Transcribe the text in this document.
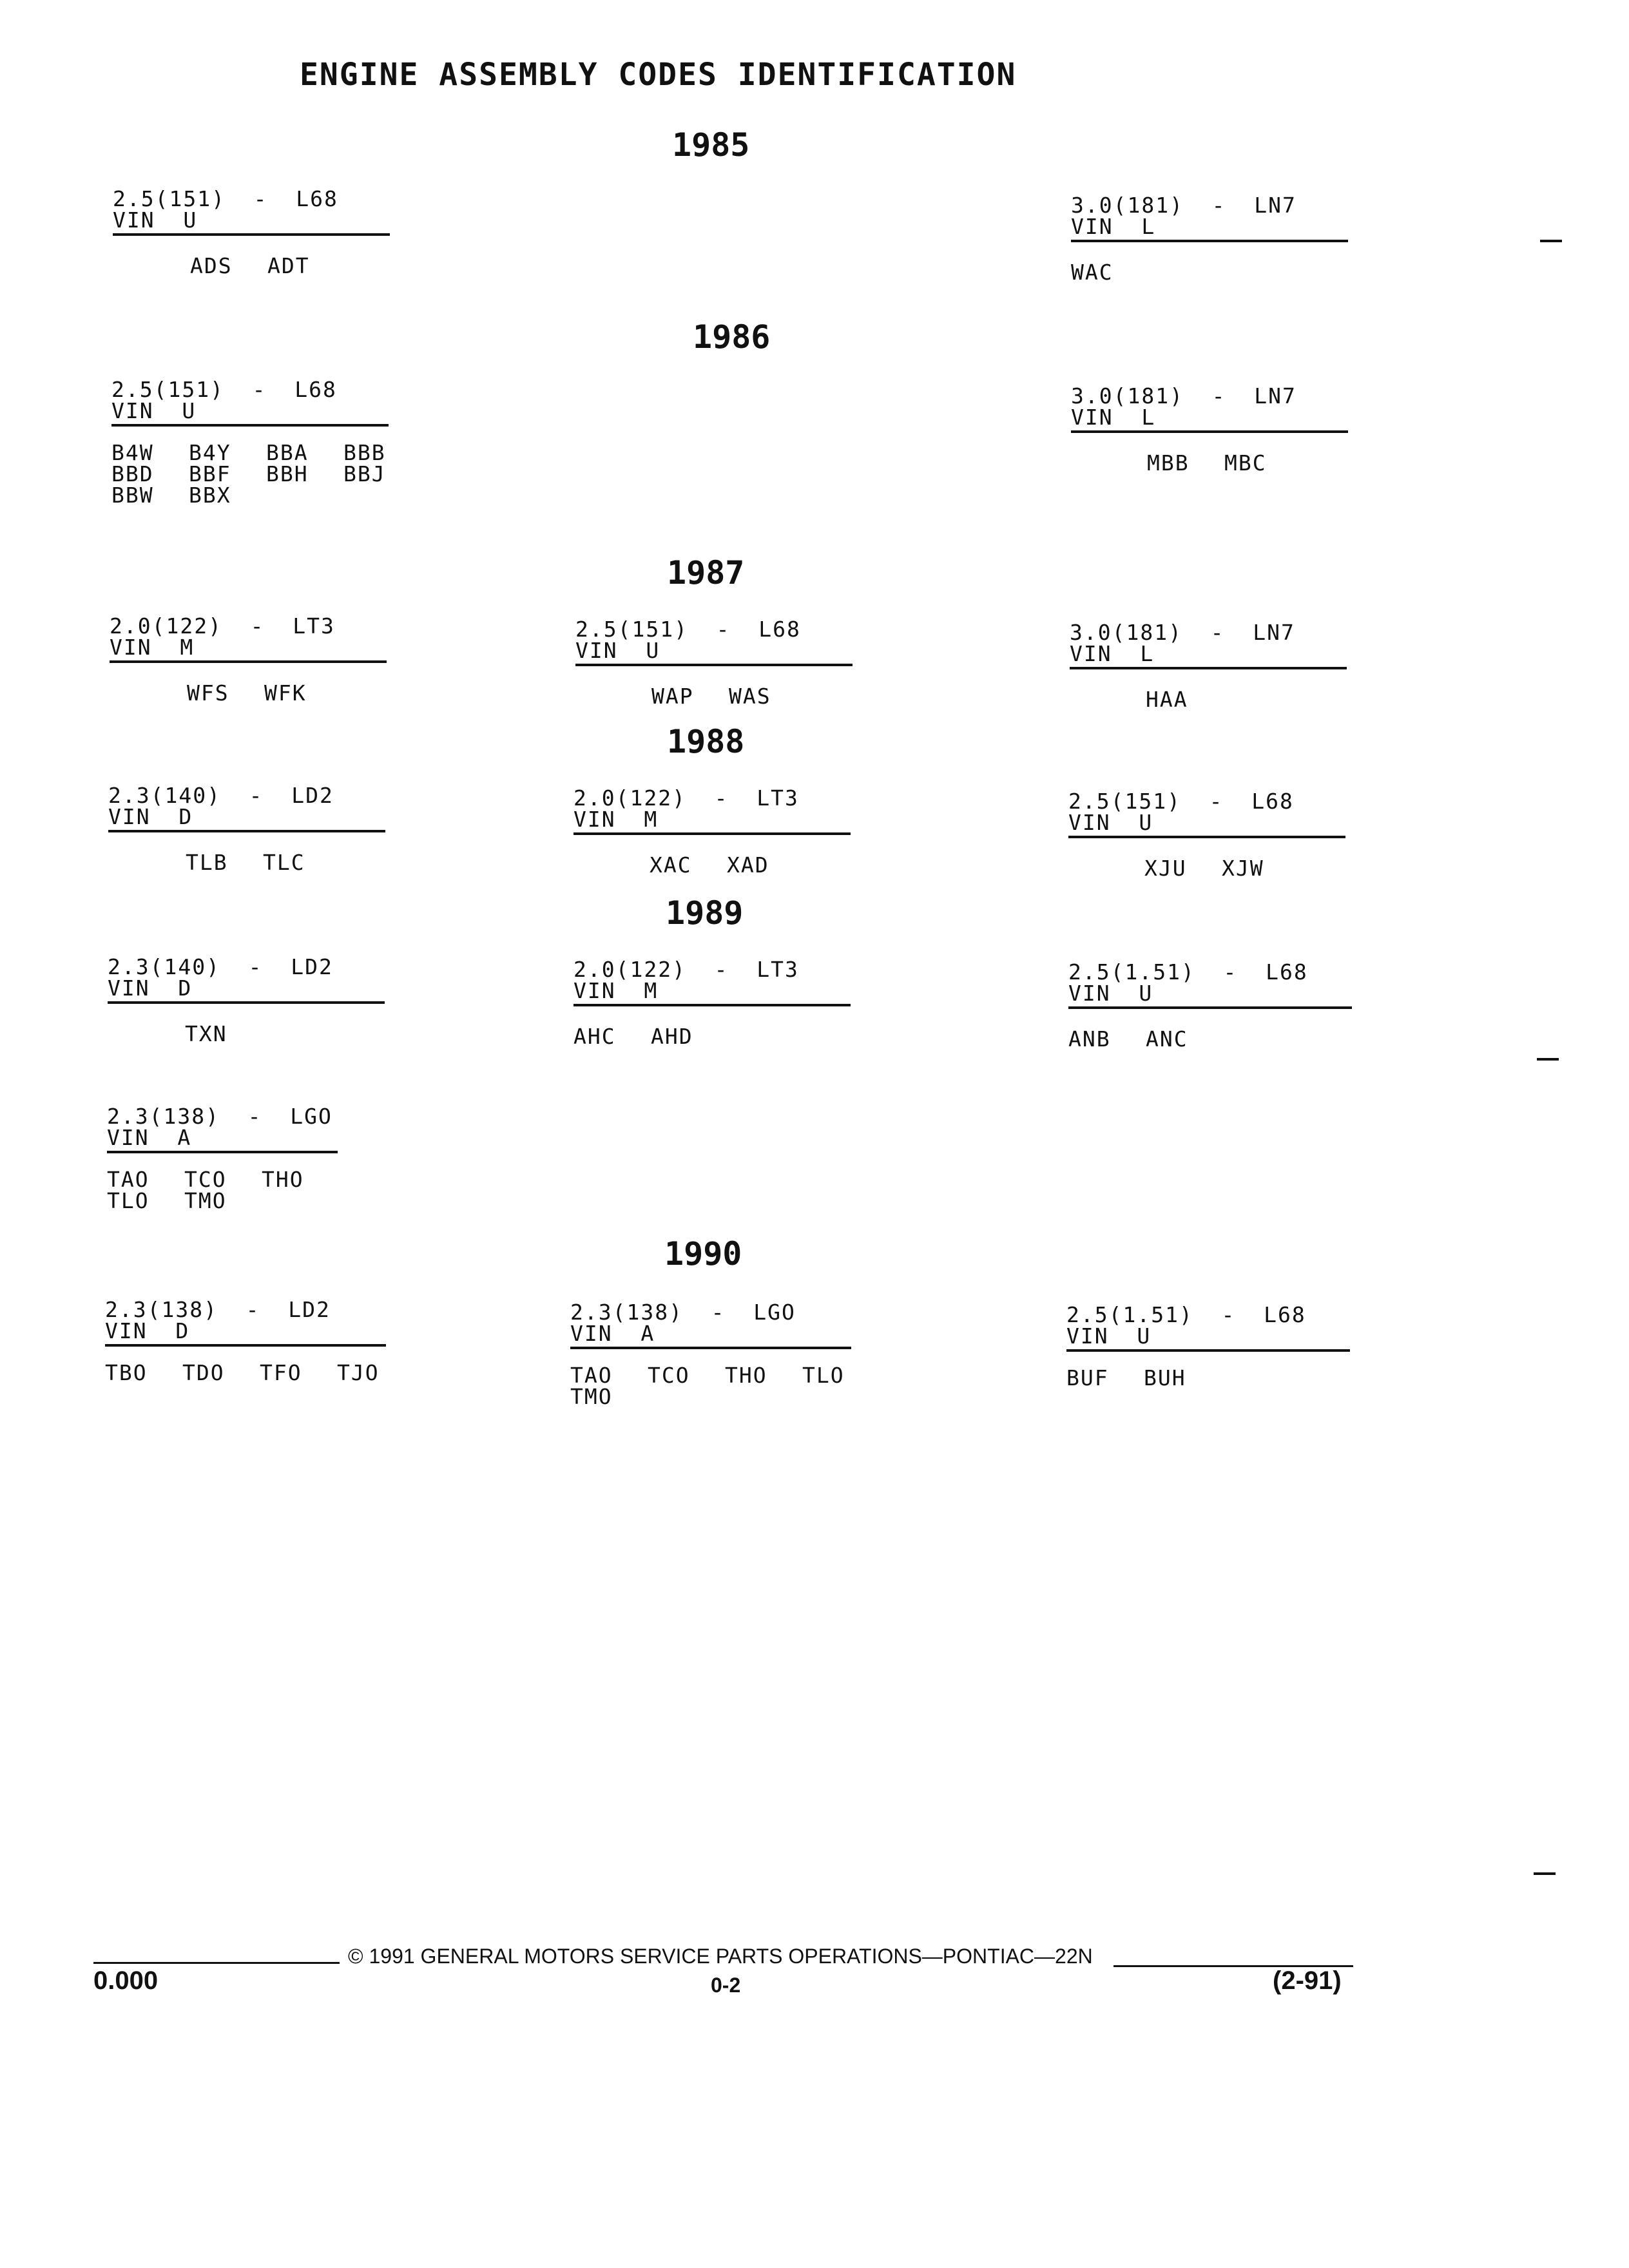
ENGINE ASSEMBLY CODES IDENTIFICATION
1985
1986
1987
1988
1989
1990
2.5(151)  -  L68
VIN  U
ADS	ADT
3.0(181)  -  LN7
VIN  L
WAC
2.5(151)  -  L68
VIN  U
B4W	B4Y	BBA	BBB
BBD	BBF	BBH	BBJ
BBW	BBX
3.0(181)  -  LN7
VIN  L
MBB	MBC
2.0(122)  -  LT3
VIN  M
WFS	WFK
2.5(151)  -  L68
VIN  U
WAP	WAS
3.0(181)  -  LN7
VIN  L
HAA
2.3(140)  -  LD2
VIN  D
TLB	TLC
2.0(122)  -  LT3
VIN  M
XAC	XAD
2.5(151)  -  L68
VIN  U
XJU	XJW
2.3(140)  -  LD2
VIN  D
TXN
2.0(122)  -  LT3
VIN  M
AHC	AHD
2.5(1.51)  -  L68
VIN  U
ANB	ANC
2.3(138)  -  LGO
VIN  A
TAO	TCO	THO
TLO	TMO
2.3(138)  -  LD2
VIN  D
TBO	TDO	TFO	TJO
2.3(138)  -  LGO
VIN  A
TAO	TCO	THO	TLO
TMO
2.5(1.51)  -  L68
VIN  U
BUF	BUH
© 1991 GENERAL MOTORS SERVICE PARTS OPERATIONS—PONTIAC—22N
0.000	0-2	(2-91)
